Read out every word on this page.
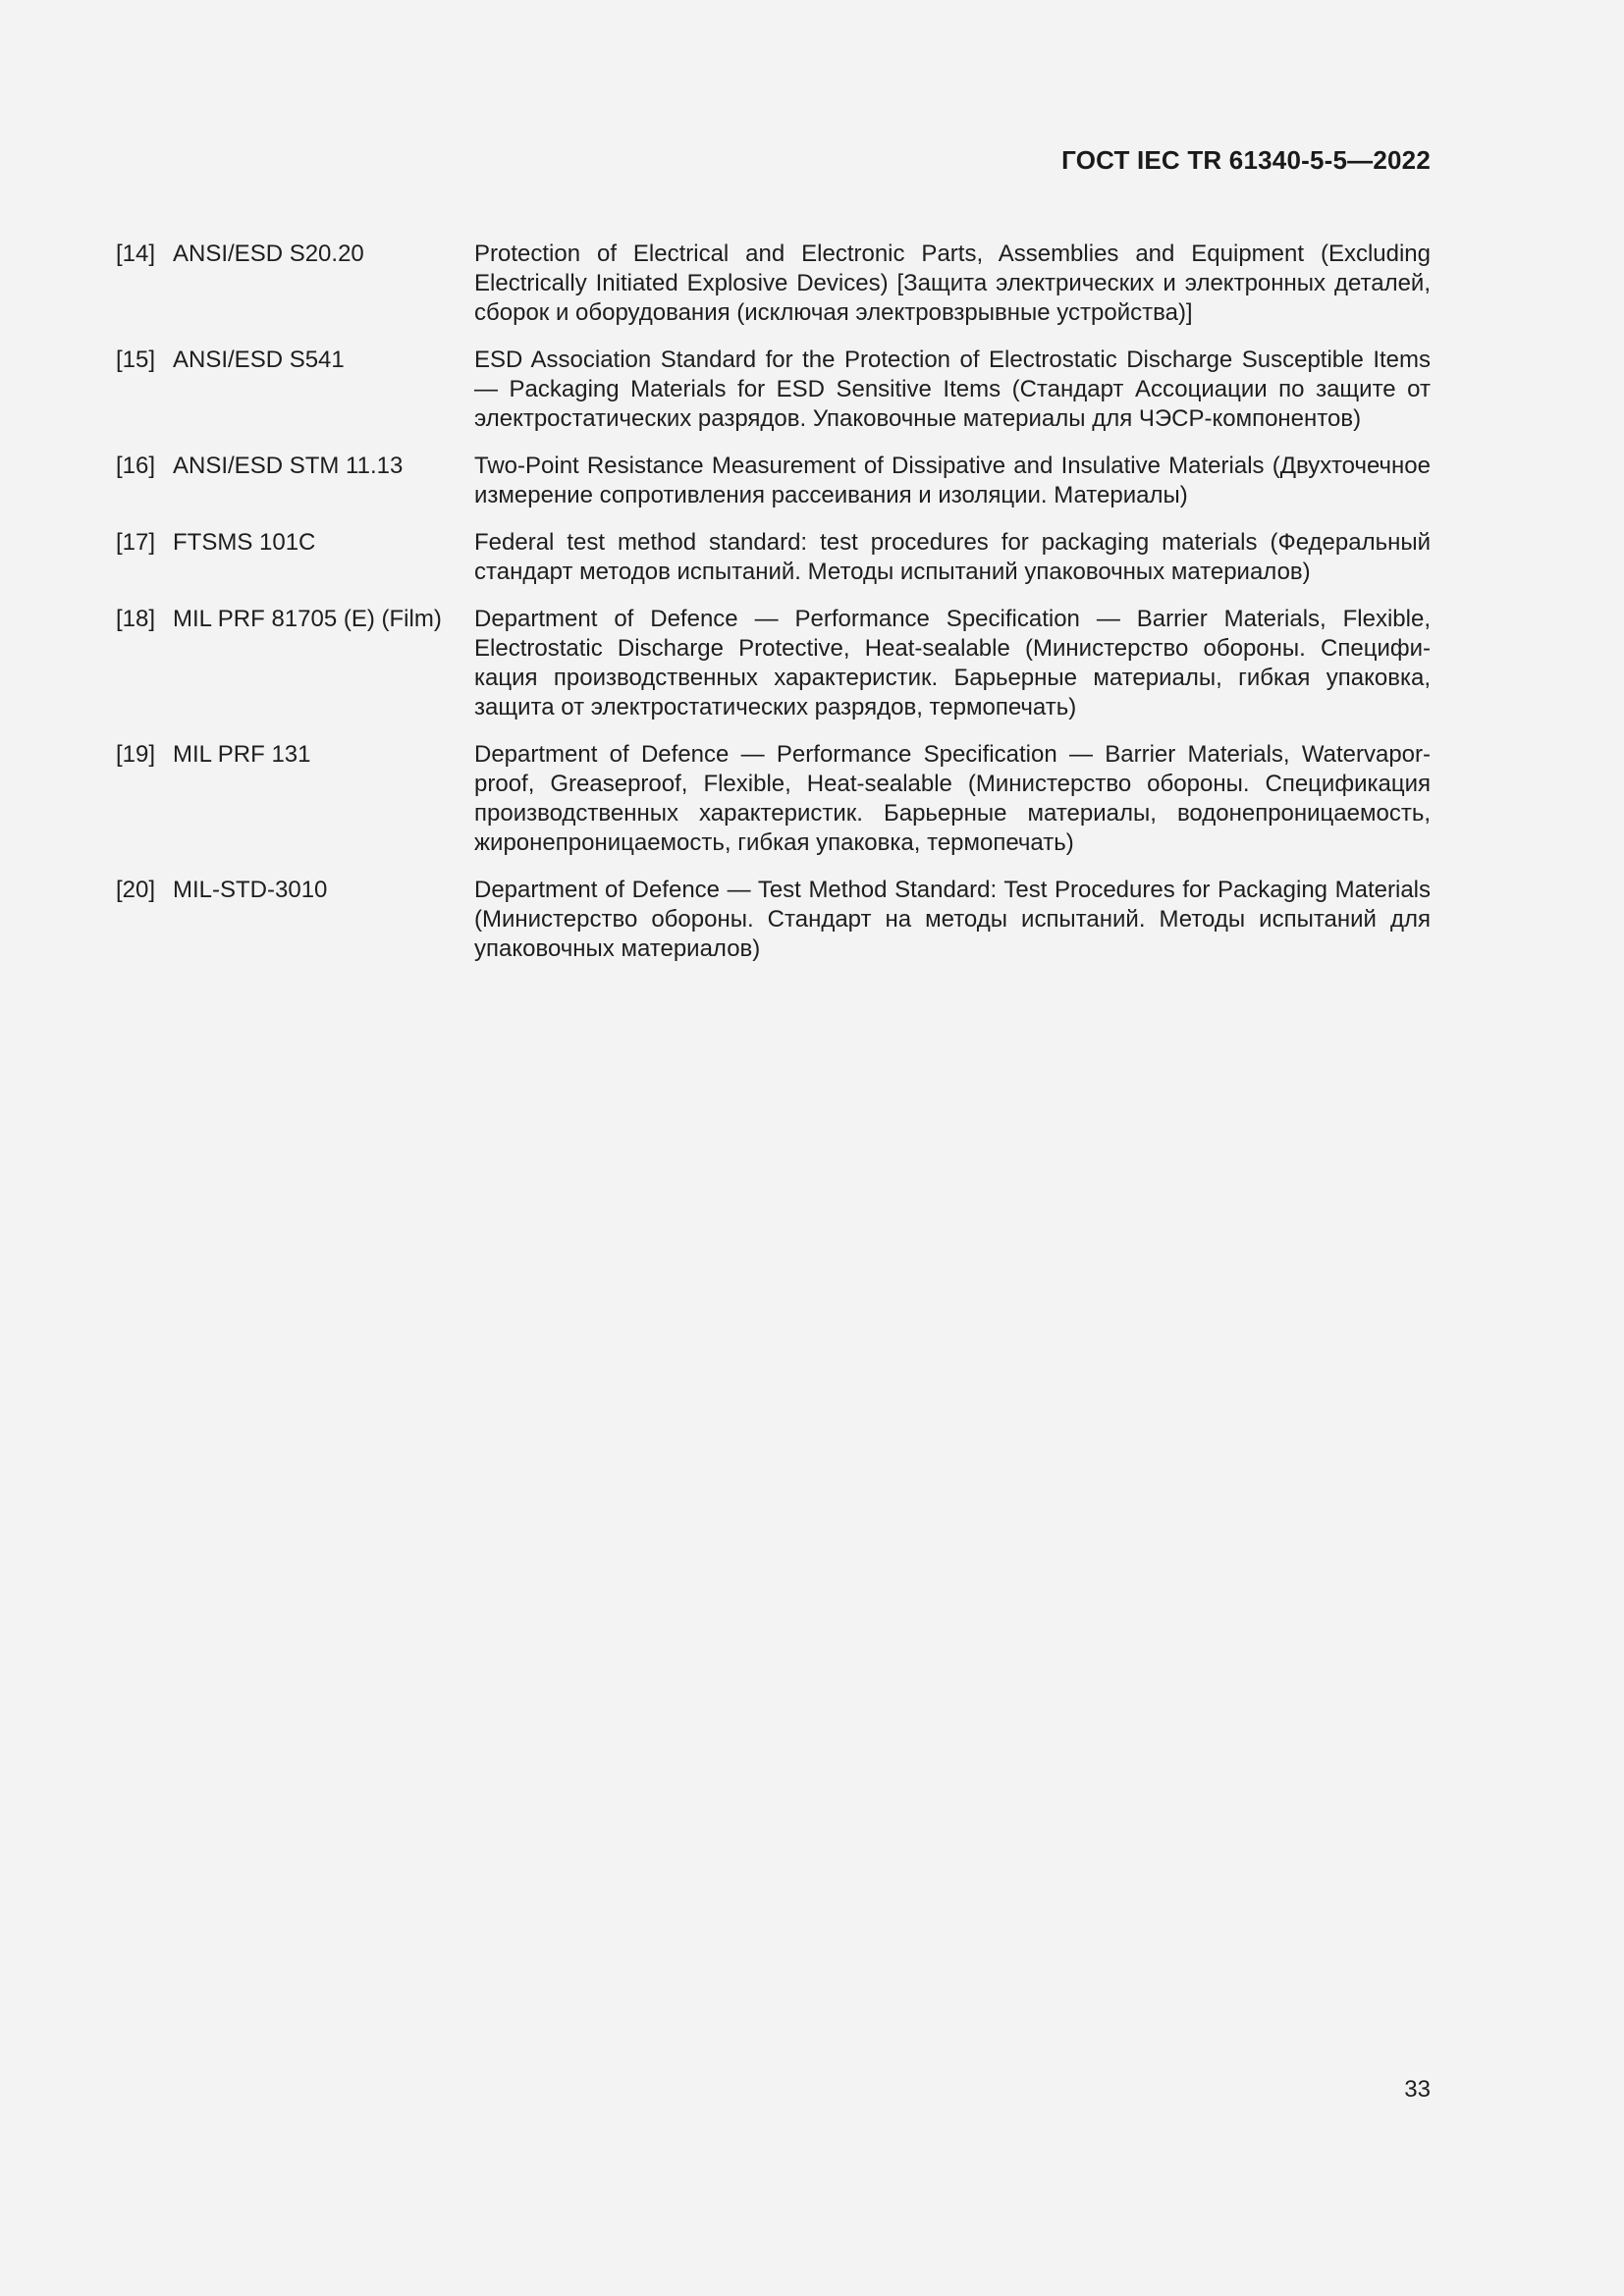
ГОСТ IEC TR 61340-5-5—2022
[14] ANSI/ESD S20.20	Protection of Electrical and Electronic Parts, Assemblies and Equipment (Excluding Electrically Initiated Explosive Devices) [Защита электрических и электронных деталей, сборок и оборудования (исключая электровзрывные устройства)]
[15] ANSI/ESD S541	ESD Association Standard for the Protection of Electrostatic Discharge Susceptible Items — Packaging Materials for ESD Sensitive Items (Стандарт Ассоциации по защите от электростатических разрядов. Упаковочные материалы для ЧЭСР-компонентов)
[16] ANSI/ESD STM 11.13	Two-Point Resistance Measurement of Dissipative and Insulative Materials (Двухточечное измерение сопротивления рассеивания и изоляции. Материалы)
[17] FTSMS 101C	Federal test method standard: test procedures for packaging materials (Федеральный стандарт методов испытаний. Методы испытаний упаковочных материалов)
[18] MIL PRF 81705 (E) (Film)	Department of Defence — Performance Specification — Barrier Materials, Flexible, Electrostatic Discharge Protective, Heat-sealable (Министерство обороны. Спецификация производственных характеристик. Барьерные материалы, гибкая упаковка, защита от электростатических разрядов, термопечать)
[19] MIL PRF 131	Department of Defence — Performance Specification — Barrier Materials, Watervaporproof, Greaseproof, Flexible, Heat-sealable (Министерство обороны. Спецификация производственных характеристик. Барьерные материалы, водонепроницаемость, жиронепроницаемость, гибкая упаковка, термопечать)
[20] MIL-STD-3010	Department of Defence — Test Method Standard: Test Procedures for Packaging Materials (Министерство обороны. Стандарт на методы испытаний. Методы испытаний для упаковочных материалов)
33
